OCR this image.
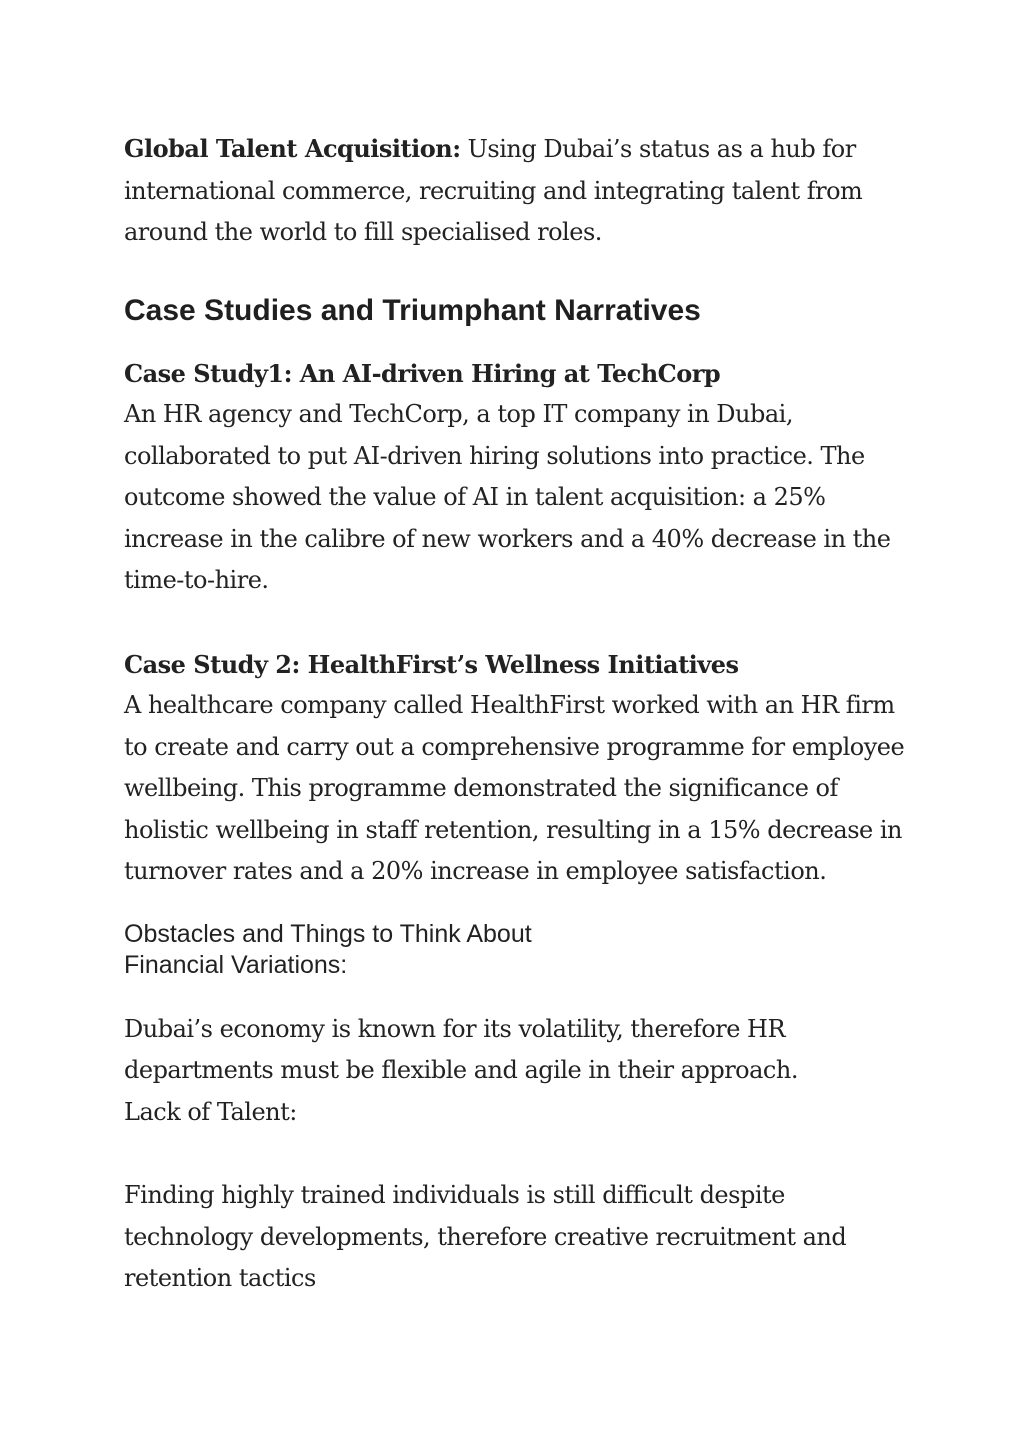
Global Talent Acquisition: Using Dubai’s status as a hub for international commerce, recruiting and integrating talent from around the world to fill specialised roles.

Case Studies and Triumphant Narratives
Case Study1: An AI-driven Hiring at TechCorp

An HR agency and TechCorp, a top IT company in Dubai, collaborated to put AI-driven hiring solutions into practice. The outcome showed the value of AI in talent acquisition: a 25% increase in the calibre of new workers and a 40% decrease in the time-to-hire.

Case Study 2: HealthFirst’s Wellness Initiatives

A healthcare company called HealthFirst worked with an HR firm to create and carry out a comprehensive programme for employee wellbeing. This programme demonstrated the significance of holistic wellbeing in staff retention, resulting in a 15% decrease in turnover rates and a 20% increase in employee satisfaction.

Obstacles and Things to Think About
Financial Variations:

Dubai’s economy is known for its volatility, therefore HR departments must be flexible and agile in their approach.
Lack of Talent:

Finding highly trained individuals is still difficult despite technology developments, therefore creative recruitment and retention tactics
